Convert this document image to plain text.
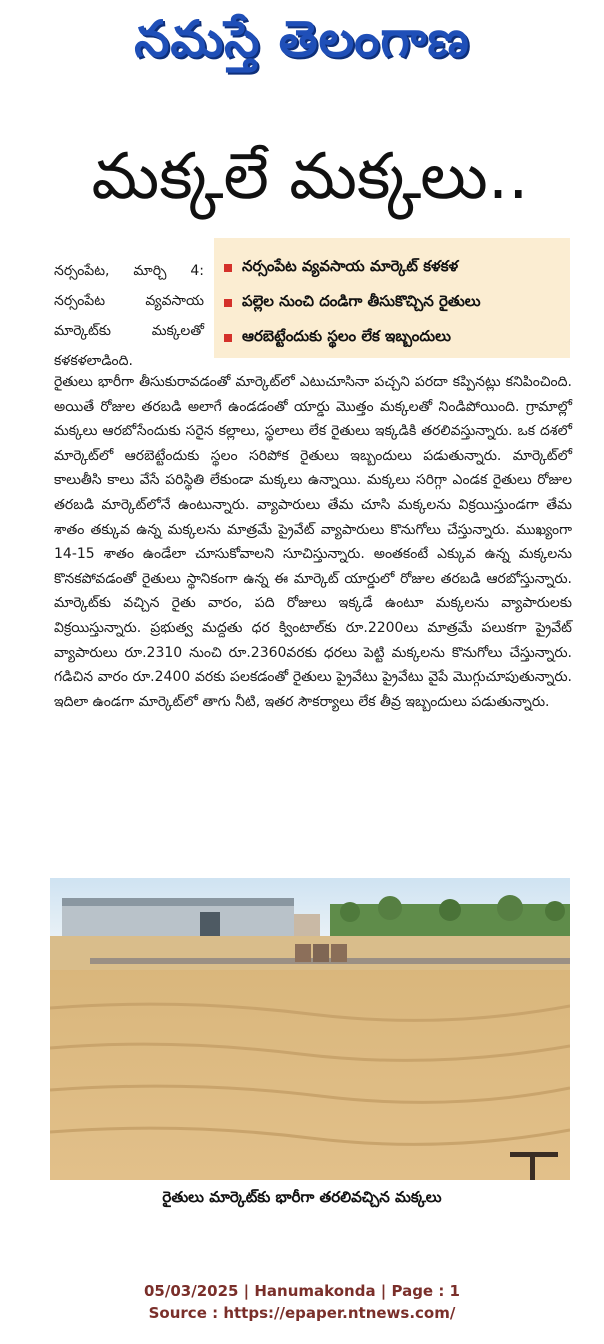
నమస్తే తెలంగాణ
మక్కలే మక్కలు..
నర్సంపేట వ్యవసాయ మార్కెట్ కళకళ
పల్లెల నుంచి దండిగా తీసుకొచ్చిన రైతులు
ఆరబెట్టేందుకు స్థలం లేక ఇబ్బందులు
నర్సంపేట, మార్చి 4: నర్సంపేట వ్యవసాయ మార్కెట్‌కు మక్కలతో కళకళలాడింది.
రైతులు భారీగా తీసుకురావడంతో మార్కెట్‌లో ఎటుచూసినా పచ్చని పరదా కప్పినట్లు కనిపించింది. అయితే రోజుల తరబడి అలాగే ఉండడంతో యార్డు మొత్తం మక్కలతో నిండిపోయింది. గ్రామాల్లో మక్కలు ఆరబోసేందుకు సరైన కల్లాలు, స్థలాలు లేక రైతులు ఇక్కడికి తరలివస్తున్నారు. ఒక దశలో మార్కెట్‌లో ఆరబెట్టేందుకు స్థలం సరిపోక రైతులు ఇబ్బందులు పడుతున్నారు. మార్కెట్‌లో కాలుతీసి కాలు వేసే పరిస్థితి లేకుండా మక్కలు ఉన్నాయి. మక్కలు సరిగ్గా ఎండక రైతులు రోజుల తరబడి మార్కెట్‌లోనే ఉంటున్నారు. వ్యాపారులు తేమ చూసి మక్కలను విక్రయిస్తుండగా తేమ శాతం తక్కువ ఉన్న మక్కలను మాత్రమే ప్రైవేట్ వ్యాపారులు కొనుగోలు చేస్తున్నారు. ముఖ్యంగా 14-15 శాతం ఉండేలా చూసుకోవాలని సూచిస్తున్నారు. అంతకంటే ఎక్కువ ఉన్న మక్కలను కొనకపోవడంతో రైతులు స్థానికంగా ఉన్న ఈ మార్కెట్ యార్డులో రోజుల తరబడి ఆరబోస్తున్నారు. మార్కెట్‌కు వచ్చిన రైతు వారం, పది రోజులు ఇక్కడే ఉంటూ మక్కలను వ్యాపారులకు విక్రయిస్తున్నారు. ప్రభుత్వ మద్దతు ధర క్వింటాల్‌కు రూ.2200లు మాత్రమే పలుకగా ప్రైవేట్ వ్యాపారులు రూ.2310 నుంచి రూ.2360వరకు ధరలు పెట్టి మక్కలను కొనుగోలు చేస్తున్నారు. గడిచిన వారం రూ.2400 వరకు పలకడంతో రైతులు ప్రైవేటు ప్రైవేటు వైపే మొగ్గుచూపుతున్నారు. ఇదిలా ఉండగా మార్కెట్‌లో తాగు నీటి, ఇతర సౌకర్యాలు లేక తీవ్ర ఇబ్బందులు పడుతున్నారు.
రైతులు మార్కెట్‌కు భారీగా తరలివచ్చిన మక్కలు
05/03/2025 | Hanumakonda | Page : 1
Source : https://epaper.ntnews.com/
